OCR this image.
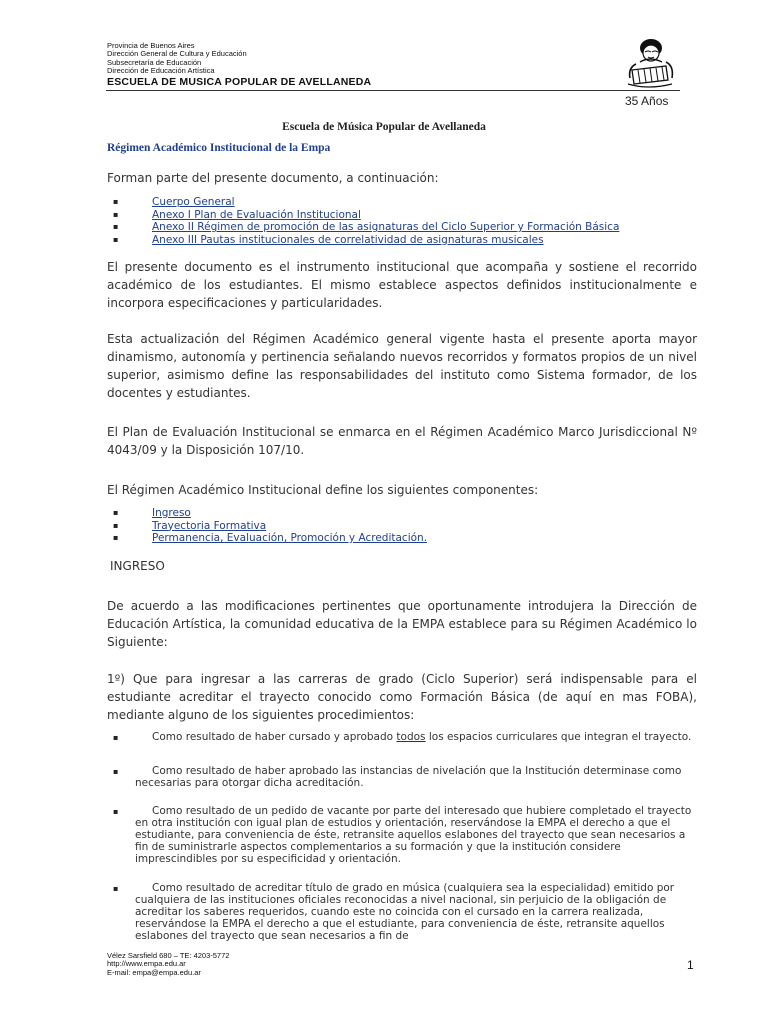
Provincia de Buenos Aires
Dirección General de Cultura y Educación
Subsecretaría de Educación
Dirección de Educación Artística
ESCUELA DE MUSICA POPULAR DE AVELLANEDA
35 Años
Escuela de Música Popular de Avellaneda
Régimen Académico Institucional de la Empa
Forman parte del presente documento, a continuación:
▪	Cuerpo General
▪	Anexo I Plan de Evaluación Institucional
▪	Anexo II Régimen de promoción de las asignaturas del Ciclo Superior y Formación Básica
▪	Anexo III Pautas institucionales de correlatividad de asignaturas musicales
El presente documento es el instrumento institucional que acompaña y sostiene el recorrido académico de los estudiantes. El mismo establece aspectos definidos institucionalmente e incorpora especificaciones y particularidades.
Esta actualización del Régimen Académico general vigente hasta el presente aporta mayor dinamismo, autonomía y pertinencia señalando nuevos recorridos y formatos propios de un nivel superior, asimismo define las responsabilidades del instituto como Sistema formador, de los docentes y estudiantes.
El Plan de Evaluación Institucional se enmarca en el Régimen Académico Marco Jurisdiccional Nº 4043/09 y la Disposición 107/10.
El Régimen Académico Institucional define los siguientes componentes:
▪	Ingreso
▪	Trayectoria Formativa
▪	Permanencia, Evaluación, Promoción y Acreditación.
INGRESO
De acuerdo a las modificaciones pertinentes que oportunamente introdujera la Dirección de Educación Artística, la comunidad educativa de la EMPA establece para su Régimen Académico lo Siguiente:
1º) Que para ingresar a las carreras de grado (Ciclo Superior) será indispensable para el estudiante acreditar el trayecto conocido como Formación Básica (de aquí en mas FOBA), mediante alguno de los siguientes procedimientos:
▪	Como resultado de haber cursado y aprobado todos los espacios curriculares que integran el trayecto.
▪	Como resultado de haber aprobado las instancias de nivelación que la Institución determinase como necesarias para otorgar dicha acreditación.
▪	Como resultado de un pedido de vacante por parte del interesado que hubiere completado el trayecto en otra institución con igual plan de estudios y orientación, reservándose la EMPA el derecho a que el estudiante, para conveniencia de éste, retransite aquellos eslabones del trayecto que sean necesarios a fin de suministrarle aspectos complementarios a su formación y que la institución considere imprescindibles por su especificidad y orientación.
▪	Como resultado de acreditar título de grado en música (cualquiera sea la especialidad) emitido por cualquiera de las instituciones oficiales reconocidas a nivel nacional, sin perjuicio de la obligación de acreditar los saberes requeridos, cuando este no coincida con el cursado en la carrera realizada, reservándose la EMPA el derecho a que el estudiante, para conveniencia de éste, retransite aquellos eslabones del trayecto que sean necesarios a fin de
Vélez Sarsfield 680 – TE: 4203-5772
http://www.empa.edu.ar
E-mail: empa@empa.edu.ar
1
